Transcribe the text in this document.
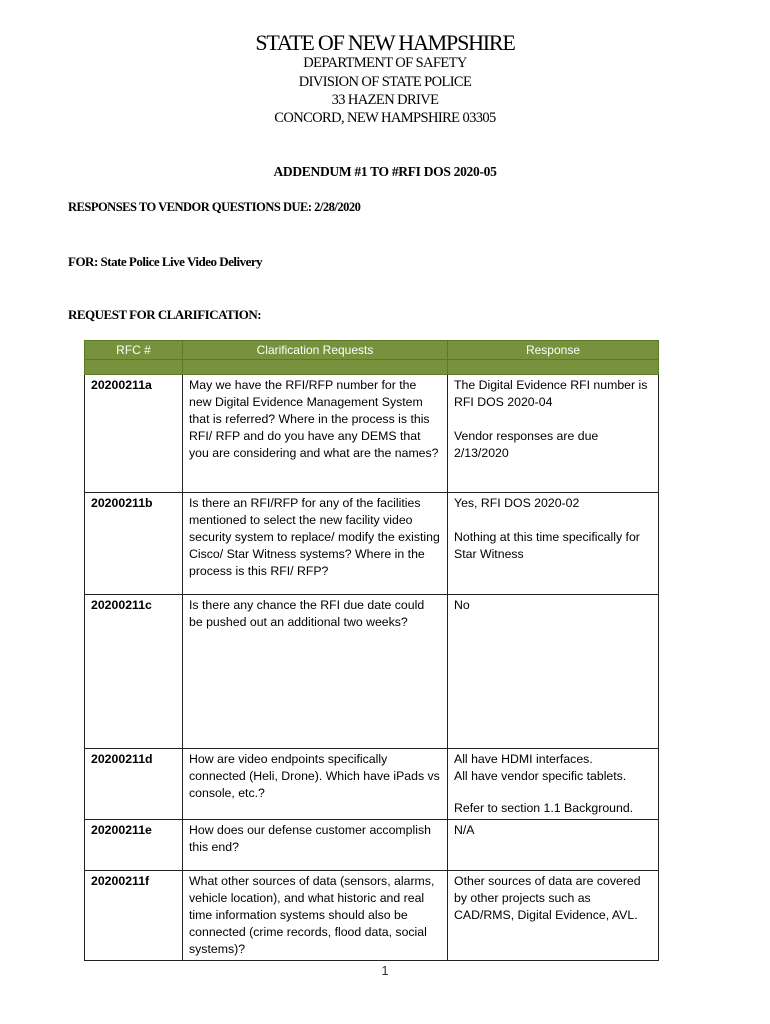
STATE OF NEW HAMPSHIRE
DEPARTMENT OF SAFETY
DIVISION OF STATE POLICE
33 HAZEN DRIVE
CONCORD, NEW HAMPSHIRE 03305
ADDENDUM #1 TO #RFI DOS 2020-05
RESPONSES TO VENDOR QUESTIONS DUE: 2/28/2020
FOR: State Police Live Video Delivery
REQUEST FOR CLARIFICATION:
RFC #	Clarification Requests	Response

20200211a	May we have the RFI/RFP number for the new Digital Evidence Management System that is referred? Where in the process is this RFI/ RFP and do you have any DEMS that you are considering and what are the names?	The Digital Evidence RFI number is RFI DOS 2020-04
Vendor responses are due 2/13/2020

20200211b	Is there an RFI/RFP for any of the facilities mentioned to select the new facility video security system to replace/ modify the existing Cisco/ Star Witness systems? Where in the process is this RFI/ RFP?	Yes, RFI DOS 2020-02
Nothing at this time specifically for Star Witness

20200211c	Is there any chance the RFI due date could be pushed out an additional two weeks?	No

20200211d	How are video endpoints specifically connected (Heli, Drone). Which have iPads vs console, etc.?	All have HDMI interfaces.
All have vendor specific tablets.
Refer to section 1.1 Background.

20200211e	How does our defense customer accomplish this end?	N/A

20200211f	What other sources of data (sensors, alarms, vehicle location), and what historic and real time information systems should also be connected (crime records, flood data, social systems)?	Other sources of data are covered by other projects such as CAD/RMS, Digital Evidence, AVL.
1
